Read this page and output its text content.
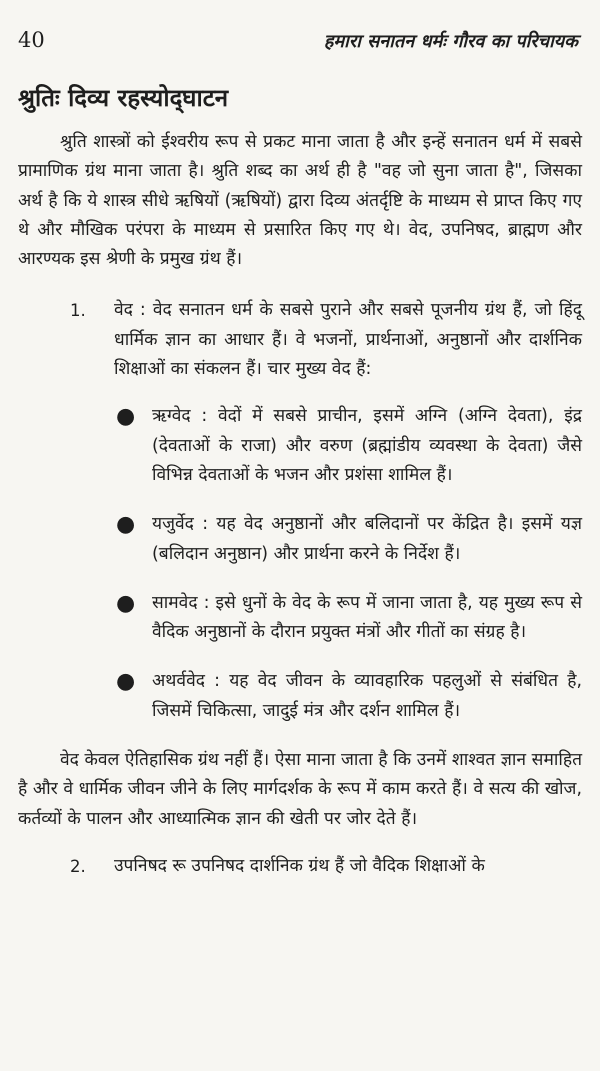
40	हमारा सनातन धर्मः गौरव का परिचायक
श्रुतिः दिव्य रहस्योद्‌घाटन

श्रुति शास्त्रों को ईश्वरीय रूप से प्रकट माना जाता है और इन्हें सनातन धर्म में सबसे प्रामाणिक ग्रंथ माना जाता है। श्रुति शब्द का अर्थ ही है "वह जो सुना जाता है", जिसका अर्थ है कि ये शास्त्र सीधे ऋषियों (ऋषियों) द्वारा दिव्य अंतर्दृष्टि के माध्यम से प्राप्त किए गए थे और मौखिक परंपरा के माध्यम से प्रसारित किए गए थे। वेद, उपनिषद, ब्राह्मण और आरण्यक इस श्रेणी के प्रमुख ग्रंथ हैं।

1.	वेद : वेद सनातन धर्म के सबसे पुराने और सबसे पूजनीय ग्रंथ हैं, जो हिंदू धार्मिक ज्ञान का आधार हैं। वे भजनों, प्रार्थनाओं, अनुष्ठानों और दार्शनिक शिक्षाओं का संकलन हैं। चार मुख्य वेद हैं:
● ऋग्वेद : वेदों में सबसे प्राचीन, इसमें अग्नि (अग्नि देवता), इंद्र (देवताओं के राजा) और वरुण (ब्रह्मांडीय व्यवस्था के देवता) जैसे विभिन्न देवताओं के भजन और प्रशंसा शामिल हैं।
● यजुर्वेद : यह वेद अनुष्ठानों और बलिदानों पर केंद्रित है। इसमें यज्ञ (बलिदान अनुष्ठान) और प्रार्थना करने के निर्देश हैं।
● सामवेद : इसे धुनों के वेद के रूप में जाना जाता है, यह मुख्य रूप से वैदिक अनुष्ठानों के दौरान प्रयुक्त मंत्रों और गीतों का संग्रह है।
● अथर्ववेद : यह वेद जीवन के व्यावहारिक पहलुओं से संबंधित है, जिसमें चिकित्सा, जादुई मंत्र और दर्शन शामिल हैं।

वेद केवल ऐतिहासिक ग्रंथ नहीं हैं। ऐसा माना जाता है कि उनमें शाश्वत ज्ञान समाहित है और वे धार्मिक जीवन जीने के लिए मार्गदर्शक के रूप में काम करते हैं। वे सत्य की खोज, कर्तव्यों के पालन और आध्यात्मिक ज्ञान की खेती पर जोर देते हैं।

2.	उपनिषद रू उपनिषद दार्शनिक ग्रंथ हैं जो वैदिक शिक्षाओं के
